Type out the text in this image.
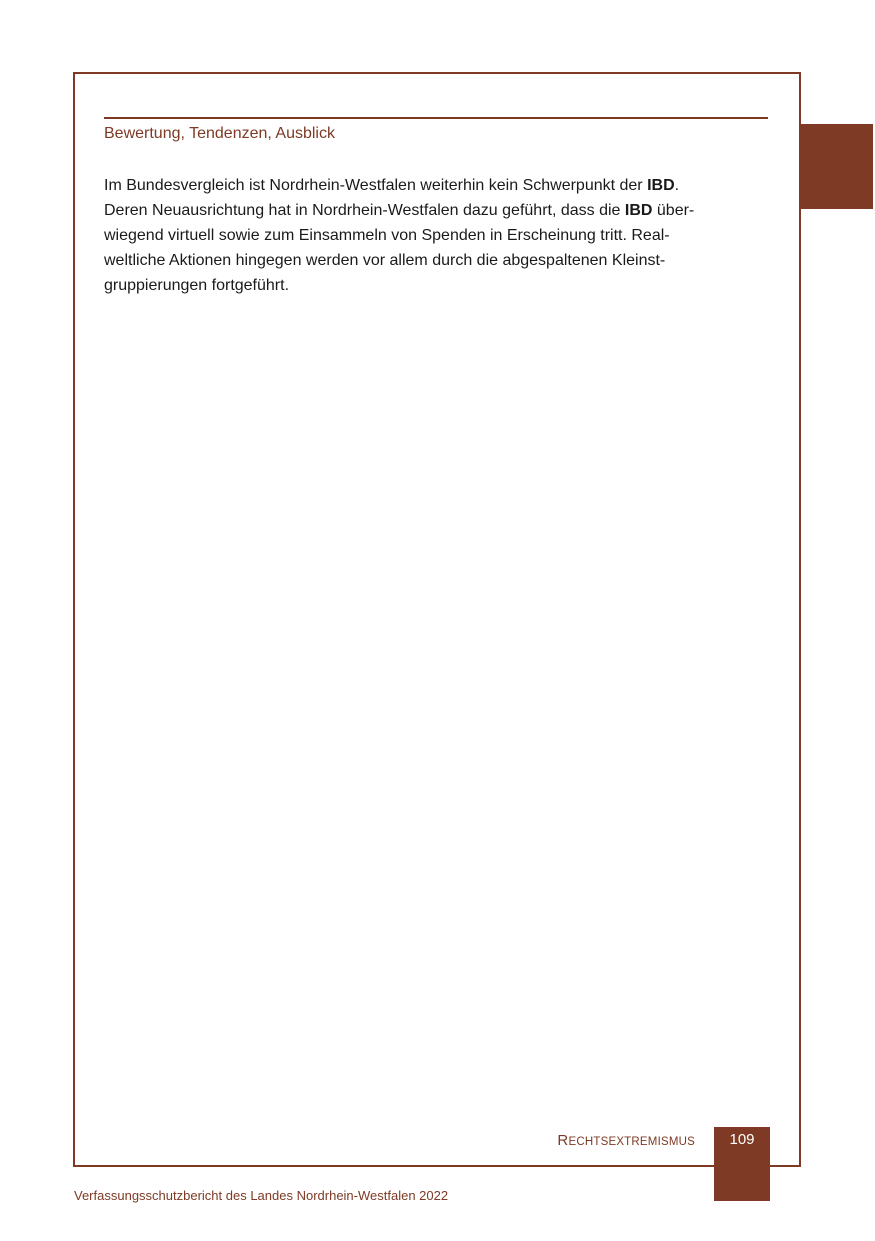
Bewertung, Tendenzen, Ausblick
Im Bundesvergleich ist Nordrhein-Westfalen weiterhin kein Schwerpunkt der IBD.
Deren Neuausrichtung hat in Nordrhein-Westfalen dazu geführt, dass die IBD über-
wiegend virtuell sowie zum Einsammeln von Spenden in Erscheinung tritt. Real-
weltliche Aktionen hingegen werden vor allem durch die abgespaltenen Kleinst-
gruppierungen fortgeführt.
RECHTSEXTREMISMUS	109
Verfassungsschutzbericht des Landes Nordrhein-Westfalen 2022
